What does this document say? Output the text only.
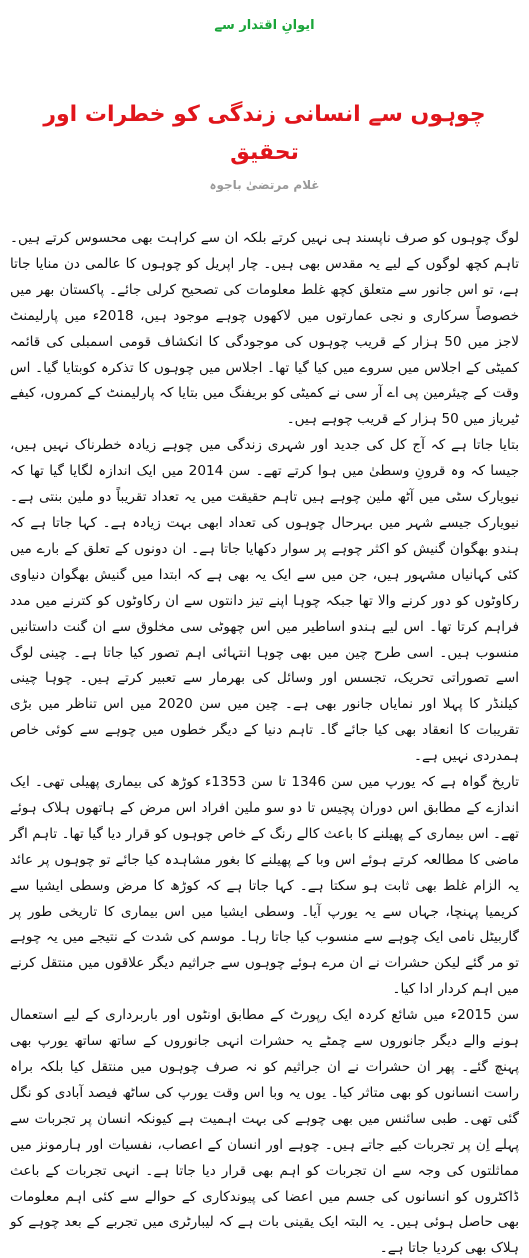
ایوانِ اقتدار سے
چوہوں سے انسانی زندگی کو خطرات اور تحقیق
غلام مرتضیٰ باجوہ

لوگ چوہوں کو صرف ناپسند ہی نہیں کرتے بلکہ ان سے کراہت بھی محسوس کرتے ہیں۔ تاہم کچھ لوگوں کے لیے یہ مقدس بھی ہیں۔ چار اپریل کو چوہوں کا عالمی دن منایا جاتا ہے، تو اس جانور سے متعلق کچھ غلط معلومات کی تصحیح کرلی جائے۔ پاکستان بھر میں خصوصاً سرکاری و نجی عمارتوں میں لاکھوں چوہے موجود ہیں، 2018ء میں پارلیمنٹ لاجز میں 50 ہزار کے قریب چوہوں کی موجودگی کا انکشاف قومی اسمبلی کی قائمہ کمیٹی کے اجلاس میں سروے میں کیا گیا تھا۔ اجلاس میں چوہوں کا تذکرہ کوبتایا گیا۔ اس وقت کے چیئرمین پی اے آر سی نے کمیٹی کو بریفنگ میں بتایا کہ پارلیمنٹ کے کمروں، کیفے ٹیریاز میں 50 ہزار کے قریب چوہے ہیں۔

بتایا جاتا ہے کہ آج کل کی جدید اور شہری زندگی میں چوہے زیادہ خطرناک نہیں ہیں، جیسا کہ وہ قرونِ وسطیٰ میں ہوا کرتے تھے۔ سن 2014 میں ایک اندازہ لگایا گیا تھا کہ نیویارک سٹی میں آٹھ ملین چوہے ہیں تاہم حقیقت میں یہ تعداد تقریباً دو ملین بنتی ہے۔ نیویارک جیسے شہر میں بہرحال چوہوں کی تعداد ابھی بہت زیادہ ہے۔ کہا جاتا ہے کہ ہندو بھگوان گنیش کو اکثر چوہے پر سوار دکھایا جاتا ہے۔ ان دونوں کے تعلق کے بارے میں کئی کہانیاں مشہور ہیں، جن میں سے ایک یہ بھی ہے کہ ابتدا میں گنیش بھگوان دنیاوی رکاوٹوں کو دور کرنے والا تھا جبکہ چوہا اپنے تیز دانتوں سے ان رکاوٹوں کو کترنے میں مدد فراہم کرتا تھا۔ اس لیے ہندو اساطیر میں اس چھوٹی سی مخلوق سے ان گنت داستانیں منسوب ہیں۔ اسی طرح چین میں بھی چوہا انتہائی اہم تصور کیا جاتا ہے۔ چینی لوگ اسے تصوراتی تحریک، تجسس اور وسائل کی بھرمار سے تعبیر کرتے ہیں۔ چوہا چینی کیلنڈر کا پہلا اور نمایاں جانور بھی ہے۔ چین میں سن 2020 میں اس تناظر میں بڑی تقریبات کا انعقاد بھی کیا جائے گا۔ تاہم دنیا کے دیگر خطوں میں چوہے سے کوئی خاص ہمدردی نہیں ہے۔

تاریخ گواہ ہے کہ یورپ میں سن 1346 تا سن 1353ء کوڑھ کی بیماری پھیلی تھی۔ ایک اندازے کے مطابق اس دوران پچیس تا دو سو ملین افراد اس مرض کے ہاتھوں ہلاک ہوئے تھے۔ اس بیماری کے پھیلنے کا باعث کالے رنگ کے خاص چوہوں کو قرار دیا گیا تھا۔ تاہم اگر ماضی کا مطالعہ کرتے ہوئے اس وبا کے پھیلنے کا بغور مشاہدہ کیا جائے تو چوہوں پر عائد یہ الزام غلط بھی ثابت ہو سکتا ہے۔ کہا جاتا ہے کہ کوڑھ کا مرض وسطی ایشیا سے کریمیا پہنچا، جہاں سے یہ یورپ آیا۔ وسطی ایشیا میں اس بیماری کا تاریخی طور پر گاربیٹل نامی ایک چوہے سے منسوب کیا جاتا رہا۔ موسم کی شدت کے نتیجے میں یہ چوہے تو مر گئے لیکن حشرات نے ان مرے ہوئے چوہوں سے جراثیم دیگر علاقوں میں منتقل کرنے میں اہم کردار ادا کیا۔

سن 2015ء میں شائع کردہ ایک رپورٹ کے مطابق اونٹوں اور باربرداری کے لیے استعمال ہونے والے دیگر جانوروں سے چمٹے یہ حشرات انہی جانوروں کے ساتھ ساتھ یورپ بھی پہنچ گئے۔ پھر ان حشرات نے ان جراثیم کو نہ صرف چوہوں میں منتقل کیا بلکہ براہ راست انسانوں کو بھی متاثر کیا۔ یوں یہ وبا اس وقت یورپ کی ساٹھ فیصد آبادی کو نگل گئی تھی۔ طبی سائنس میں بھی چوہے کی بہت اہمیت ہے کیونکہ انسان پر تجربات سے پہلے اِن پر تجربات کیے جاتے ہیں۔ چوہے اور انسان کے اعصاب، نفسیات اور ہارمونز میں مماثلتوں کی وجہ سے ان تجربات کو اہم بھی قرار دیا جاتا ہے۔ انہی تجربات کے باعث ڈاکٹروں کو انسانوں کی جسم میں اعضا کی پیوندکاری کے حوالے سے کئی اہم معلومات بھی حاصل ہوئی ہیں۔ یہ البتہ ایک یقینی بات ہے کہ لیبارٹری میں تجربے کے بعد چوہے کو ہلاک بھی کردیا جاتا ہے۔
